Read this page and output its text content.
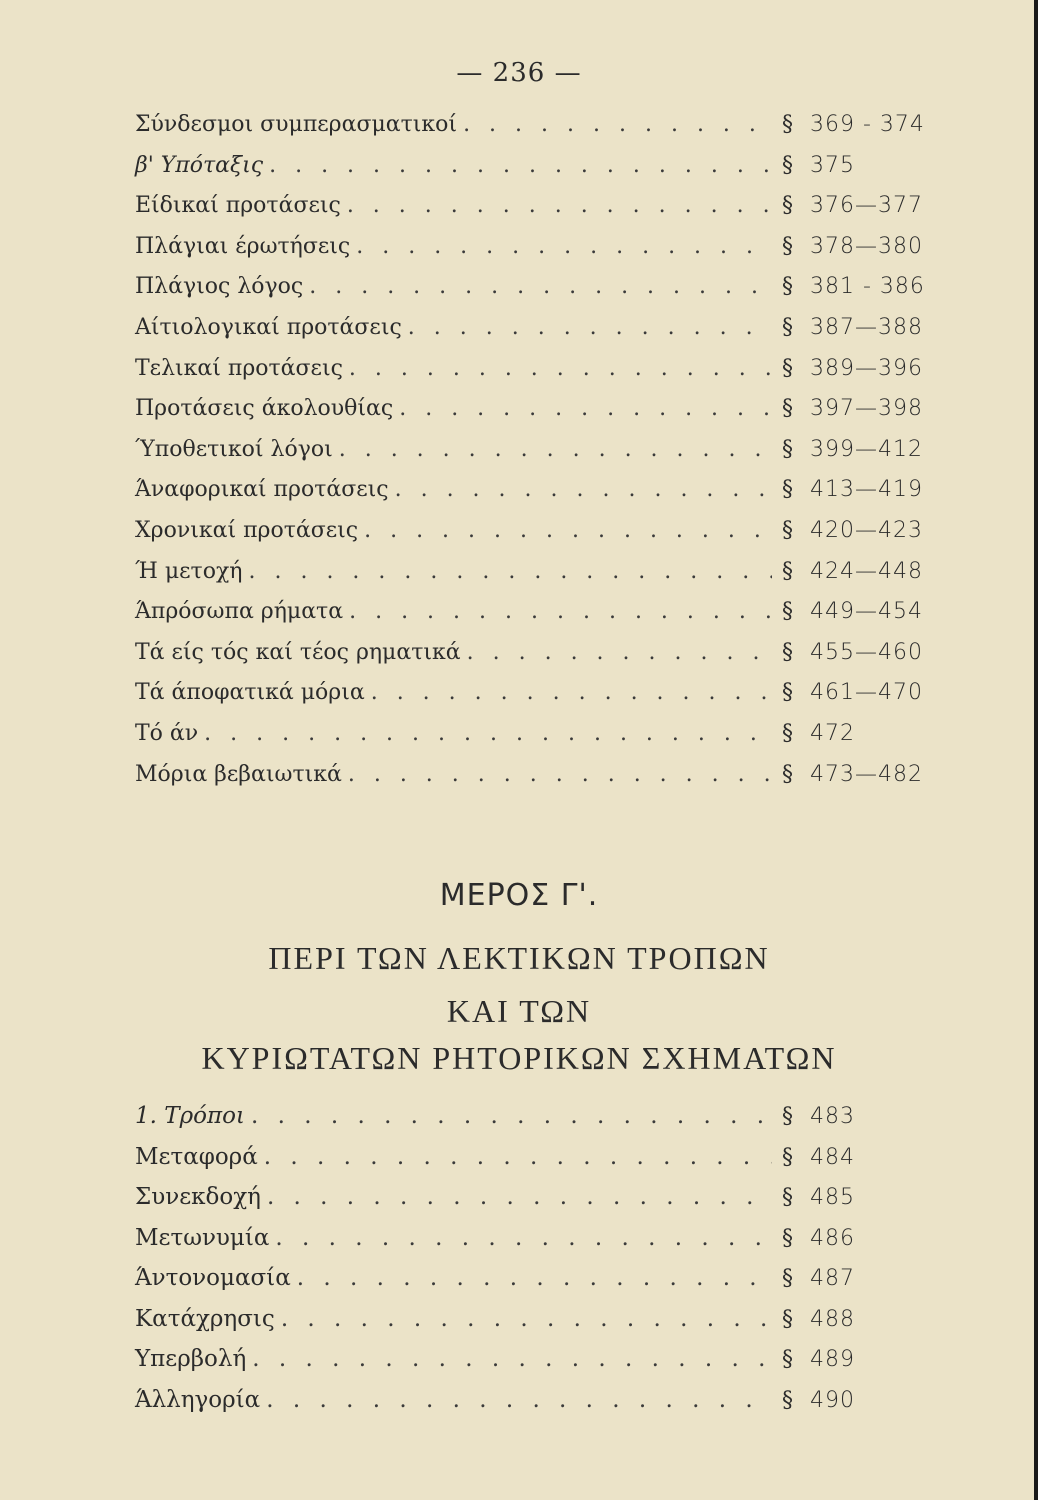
— 236 —
Σύνδεσμοι συμπερασματικοί . . .	§ 369 - 374
β' Υπόταξις . . .	§ 375
Είδικαί προτάσεις . . .	§ 376—377
Πλάγιαι έρωτήσεις . . .	§ 378—380
Πλάγιος λόγος . . .	§ 381 - 386
Αίτιολογικαί προτάσεις . . .	§ 387—388
Τελικαί προτάσεις . . .	§ 389—396
Προτάσεις άκολουθίας . . .	§ 397—398
Ύποθετικοί λόγοι . . .	§ 399—412
Άναφορικαί προτάσεις . . .	§ 413—419
Χρονικαί προτάσεις . . .	§ 420—423
Ή μετοχή . . .	§ 424—448
Άπρόσωπα ρήματα . . .	§ 449—454
Τά είς τός καί τέος ρηματικά . . .	§ 455—460
Τά άποφατικά μόρια . . .	§ 461—470
Τό άν . . .	§ 472
Μόρια βεβαιωτικά . . .	§ 473—482
ΜΕΡΟΣ Γ'.
ΠΕΡΙ ΤΩΝ ΛΕΚΤΙΚΩΝ ΤΡΟΠΩΝ
ΚΑΙ ΤΩΝ
ΚΥΡΙΩΤΑΤΩΝ ΡΗΤΟΡΙΚΩΝ ΣΧΗΜΑΤΩΝ
1. Τρόποι . . .	§ 483
Μεταφορά . . .	§ 484
Συνεκδοχή . . .	§ 485
Μετωνυμία . . .	§ 486
Άντονομασία . . .	§ 487
Κατάχρησις . . .	§ 488
Υπερβολή . . .	§ 489
Άλληγορία . . .	§ 490
